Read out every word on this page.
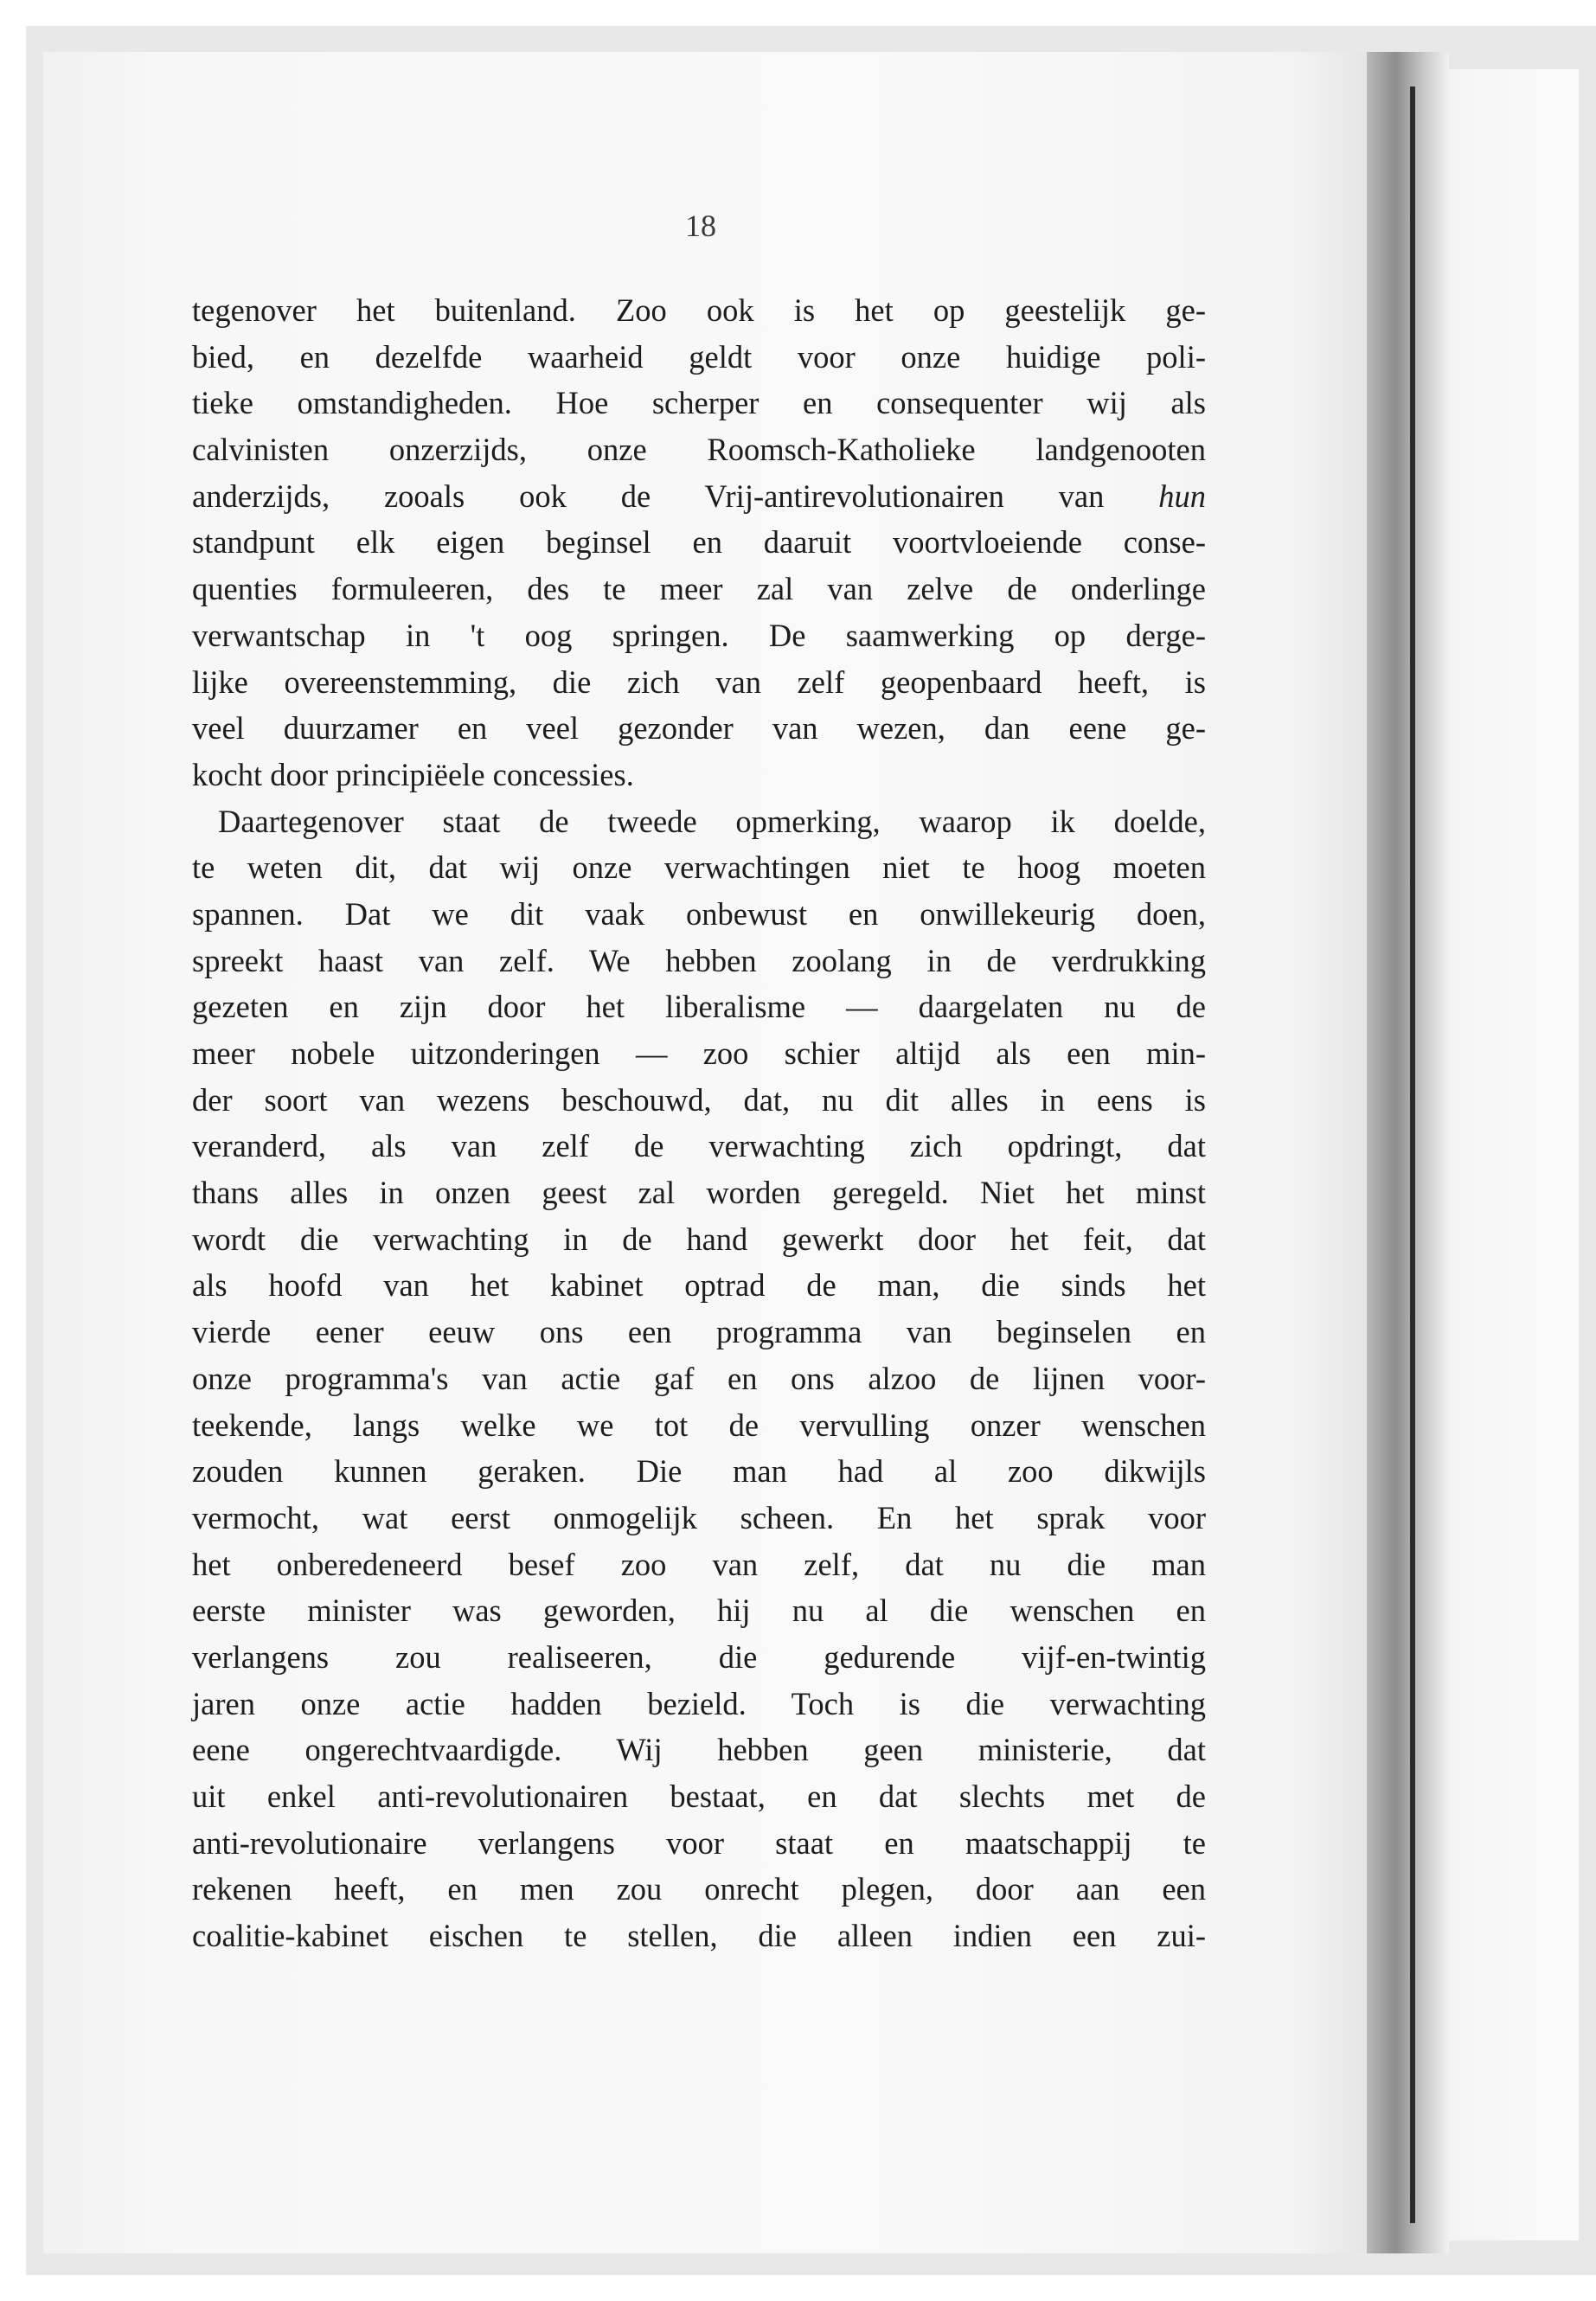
18
tegenover het buitenland. Zoo ook is het op geestelijk ge-
bied, en dezelfde waarheid geldt voor onze huidige poli-
tieke omstandigheden. Hoe scherper en consequenter wij als
calvinisten onzerzijds, onze Roomsch-Katholieke landgenooten
anderzijds, zooals ook de Vrij-antirevolutionairen van hun
standpunt elk eigen beginsel en daaruit voortvloeiende conse-
quenties formuleeren, des te meer zal van zelve de onderlinge
verwantschap in 't oog springen. De saamwerking op derge-
lijke overeenstemming, die zich van zelf geopenbaard heeft, is
veel duurzamer en veel gezonder van wezen, dan eene ge-
kocht door principiëele concessies.
Daartegenover staat de tweede opmerking, waarop ik doelde,
te weten dit, dat wij onze verwachtingen niet te hoog moeten
spannen. Dat we dit vaak onbewust en onwillekeurig doen,
spreekt haast van zelf. We hebben zoolang in de verdrukking
gezeten en zijn door het liberalisme — daargelaten nu de
meer nobele uitzonderingen — zoo schier altijd als een min-
der soort van wezens beschouwd, dat, nu dit alles in eens is
veranderd, als van zelf de verwachting zich opdringt, dat
thans alles in onzen geest zal worden geregeld. Niet het minst
wordt die verwachting in de hand gewerkt door het feit, dat
als hoofd van het kabinet optrad de man, die sinds het
vierde eener eeuw ons een programma van beginselen en
onze programma's van actie gaf en ons alzoo de lijnen voor-
teekende, langs welke we tot de vervulling onzer wenschen
zouden kunnen geraken. Die man had al zoo dikwijls
vermocht, wat eerst onmogelijk scheen. En het sprak voor
het onberedeneerd besef zoo van zelf, dat nu die man
eerste minister was geworden, hij nu al die wenschen en
verlangens zou realiseeren, die gedurende vijf-en-twintig
jaren onze actie hadden bezield. Toch is die verwachting
eene ongerechtvaardigde. Wij hebben geen ministerie, dat
uit enkel anti-revolutionairen bestaat, en dat slechts met de
anti-revolutionaire verlangens voor staat en maatschappij te
rekenen heeft, en men zou onrecht plegen, door aan een
coalitie-kabinet eischen te stellen, die alleen indien een zui-
